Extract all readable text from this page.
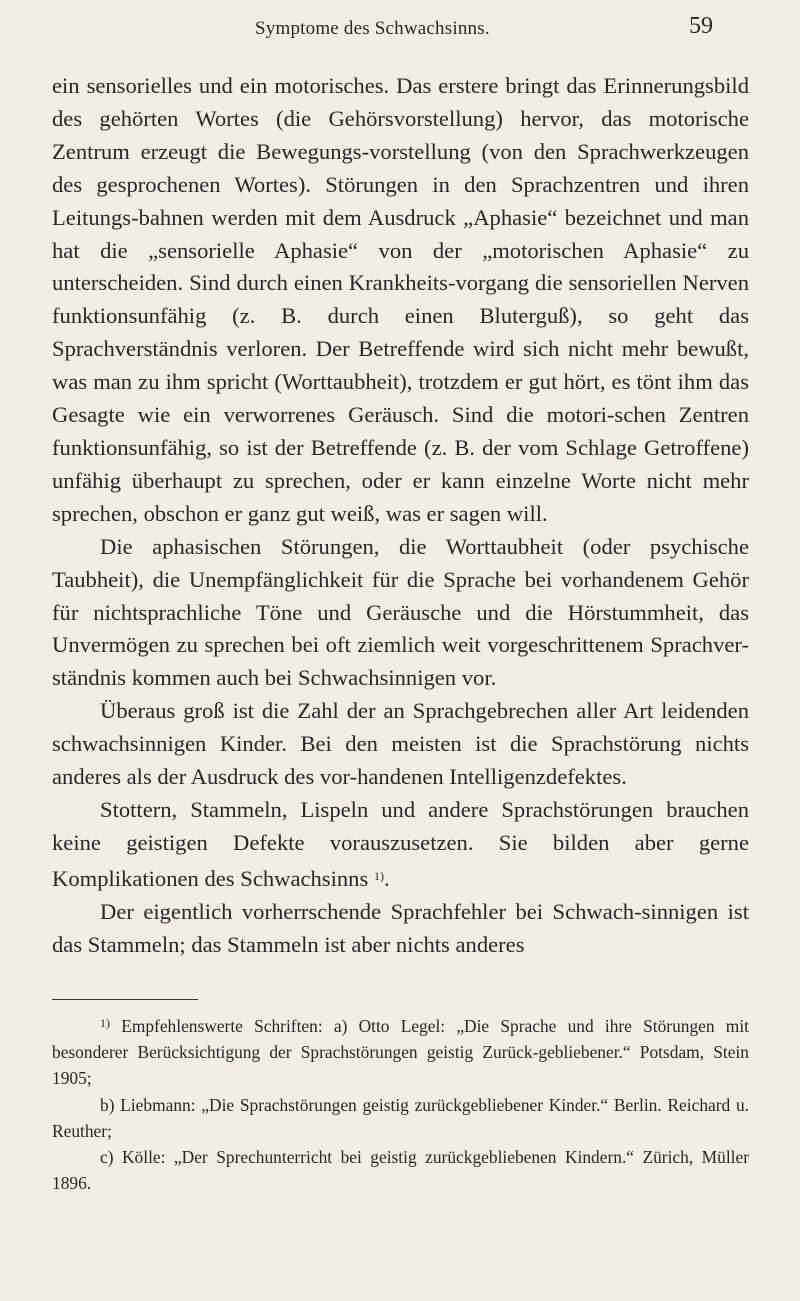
Symptome des Schwachsinns.	59

ein sensorielles und ein motorisches. Das erstere bringt das Erinnerungsbild des gehörten Wortes (die Gehörsvorstellung) hervor, das motorische Zentrum erzeugt die Bewegungs-vorstellung (von den Sprachwerkzeugen des gesprochenen Wortes). Störungen in den Sprachzentren und ihren Leitungs-bahnen werden mit dem Ausdruck „Aphasie“ bezeichnet und man hat die „sensorielle Aphasie“ von der „motorischen Aphasie“ zu unterscheiden. Sind durch einen Krankheits-vorgang die sensoriellen Nerven funktionsunfähig (z. B. durch einen Bluterguß), so geht das Sprachverständnis verloren. Der Betreffende wird sich nicht mehr bewußt, was man zu ihm spricht (Worttaubheit), trotzdem er gut hört, es tönt ihm das Gesagte wie ein verworrenes Geräusch. Sind die motori-schen Zentren funktionsunfähig, so ist der Betreffende (z. B. der vom Schlage Getroffene) unfähig überhaupt zu sprechen, oder er kann einzelne Worte nicht mehr sprechen, obschon er ganz gut weiß, was er sagen will.

Die aphasischen Störungen, die Worttaubheit (oder psychische Taubheit), die Unempfänglichkeit für die Sprache bei vorhandenem Gehör für nichtsprachliche Töne und Geräusche und die Hörstummheit, das Unvermögen zu sprechen bei oft ziemlich weit vorgeschrittenem Sprachver-ständnis kommen auch bei Schwachsinnigen vor.

Überaus groß ist die Zahl der an Sprachgebrechen aller Art leidenden schwachsinnigen Kinder. Bei den meisten ist die Sprachstörung nichts anderes als der Ausdruck des vor-handenen Intelligenzdefektes.

Stottern, Stammeln, Lispeln und andere Sprachstörungen brauchen keine geistigen Defekte vorauszusetzen. Sie bilden aber gerne Komplikationen des Schwachsinns $^{1)}$.

Der eigentlich vorherrschende Sprachfehler bei Schwach-sinnigen ist das Stammeln; das Stammeln ist aber nichts anderes

$^{1)}$ Empfehlenswerte Schriften: a) Otto Legel: „Die Sprache und ihre Störungen mit besonderer Berücksichtigung der Sprachstörungen geistig Zurück-gebliebener.“ Potsdam, Stein 1905;

b) Liebmann: „Die Sprachstörungen geistig zurückgebliebener Kinder.“ Berlin. Reichard u. Reuther;

c) Kölle: „Der Sprechunterricht bei geistig zurückgebliebenen Kindern.“ Zürich, Müller 1896.
